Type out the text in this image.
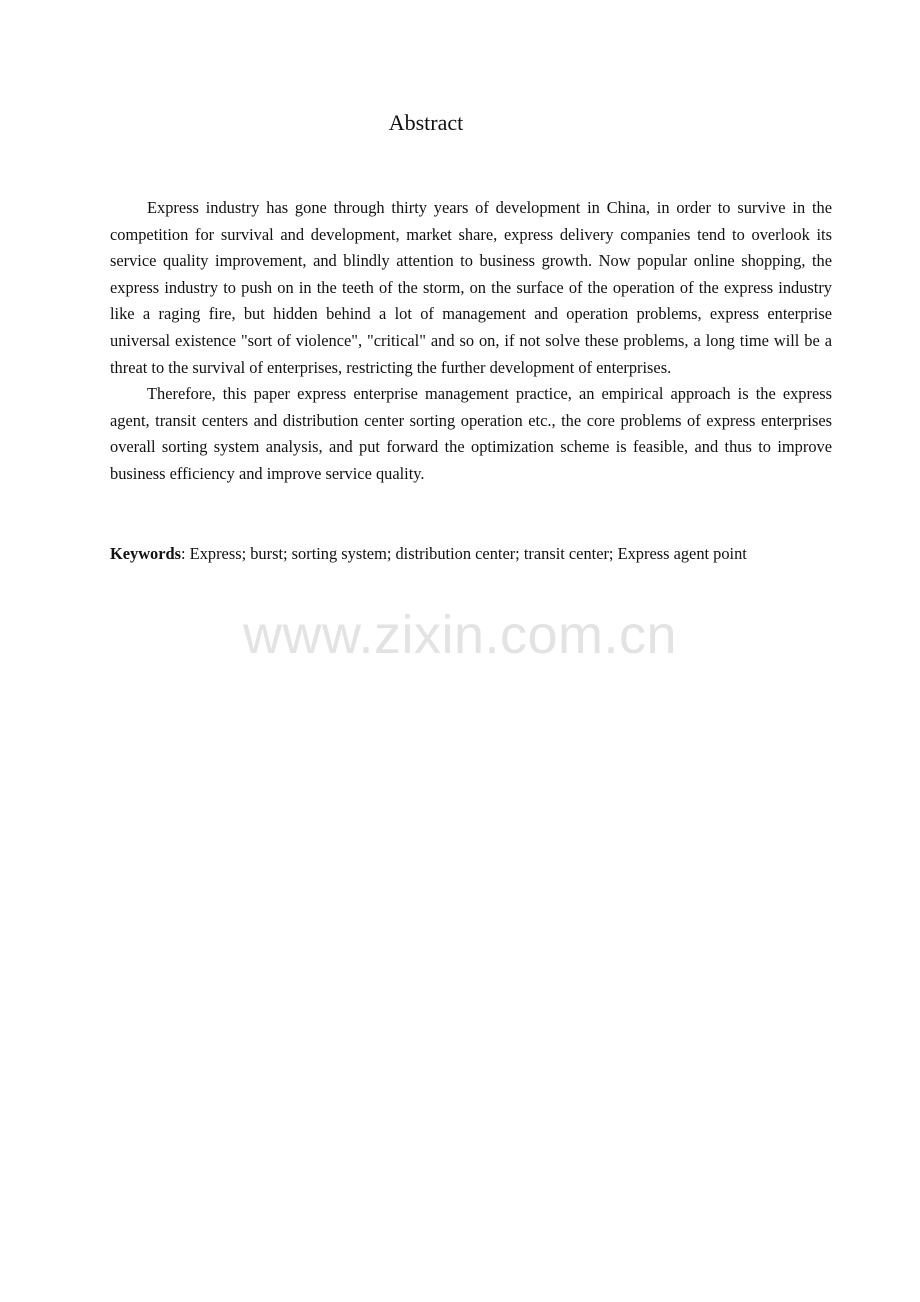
Abstract

Express industry has gone through thirty years of development in China, in order to survive in the competition for survival and development, market share, express delivery companies tend to overlook its service quality improvement, and blindly attention to business growth. Now popular online shopping, the express industry to push on in the teeth of the storm, on the surface of the operation of the express industry like a raging fire, but hidden behind a lot of management and operation problems, express enterprise universal existence "sort of violence", "critical" and so on, if not solve these problems, a long time will be a threat to the survival of enterprises, restricting the further development of enterprises.

Therefore, this paper express enterprise management practice, an empirical approach is the express agent, transit centers and distribution center sorting operation etc., the core problems of express enterprises overall sorting system analysis, and put forward the optimization scheme is feasible, and thus to improve business efficiency and improve service quality.

Keywords: Express; burst; sorting system; distribution center; transit center; Express agent point

www.zixin.com.cn
